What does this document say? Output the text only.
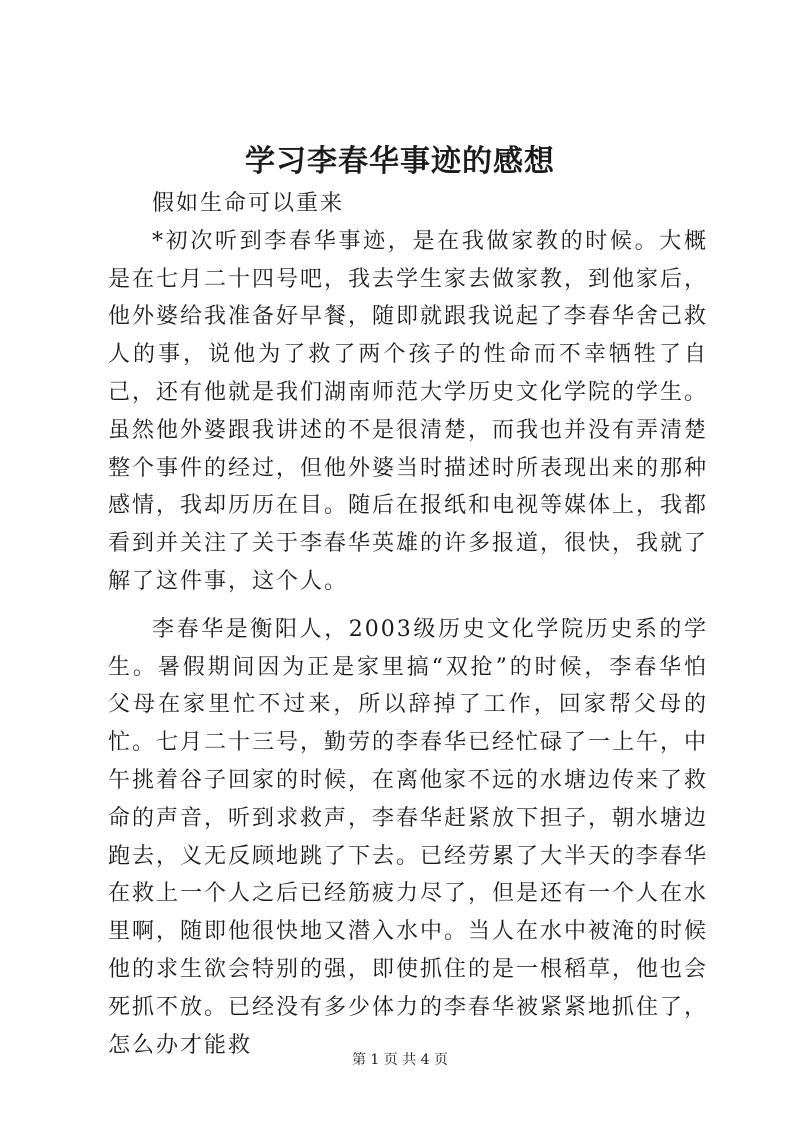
学习李春华事迹的感想

假如生命可以重来

*初次听到李春华事迹，是在我做家教的时候。大概是在七月二十四号吧，我去学生家去做家教，到他家后，他外婆给我准备好早餐，随即就跟我说起了李春华舍己救人的事，说他为了救了两个孩子的性命而不幸牺牲了自己，还有他就是我们湖南师范大学历史文化学院的学生。虽然他外婆跟我讲述的不是很清楚，而我也并没有弄清楚整个事件的经过，但他外婆当时描述时所表现出来的那种感情，我却历历在目。随后在报纸和电视等媒体上，我都看到并关注了关于李春华英雄的许多报道，很快，我就了解了这件事，这个人。

李春华是衡阳人，2003级历史文化学院历史系的学生。暑假期间因为正是家里搞“双抢”的时候，李春华怕父母在家里忙不过来，所以辞掉了工作，回家帮父母的忙。七月二十三号，勤劳的李春华已经忙碌了一上午，中午挑着谷子回家的时候，在离他家不远的水塘边传来了救命的声音，听到求救声，李春华赶紧放下担子，朝水塘边跑去，义无反顾地跳了下去。已经劳累了大半天的李春华在救上一个人之后已经筋疲力尽了，但是还有一个人在水里啊，随即他很快地又潜入水中。当人在水中被淹的时候他的求生欲会特别的强，即使抓住的是一根稻草，他也会死抓不放。已经没有多少体力的李春华被紧紧地抓住了，怎么办才能救

第 1 页 共 4 页
